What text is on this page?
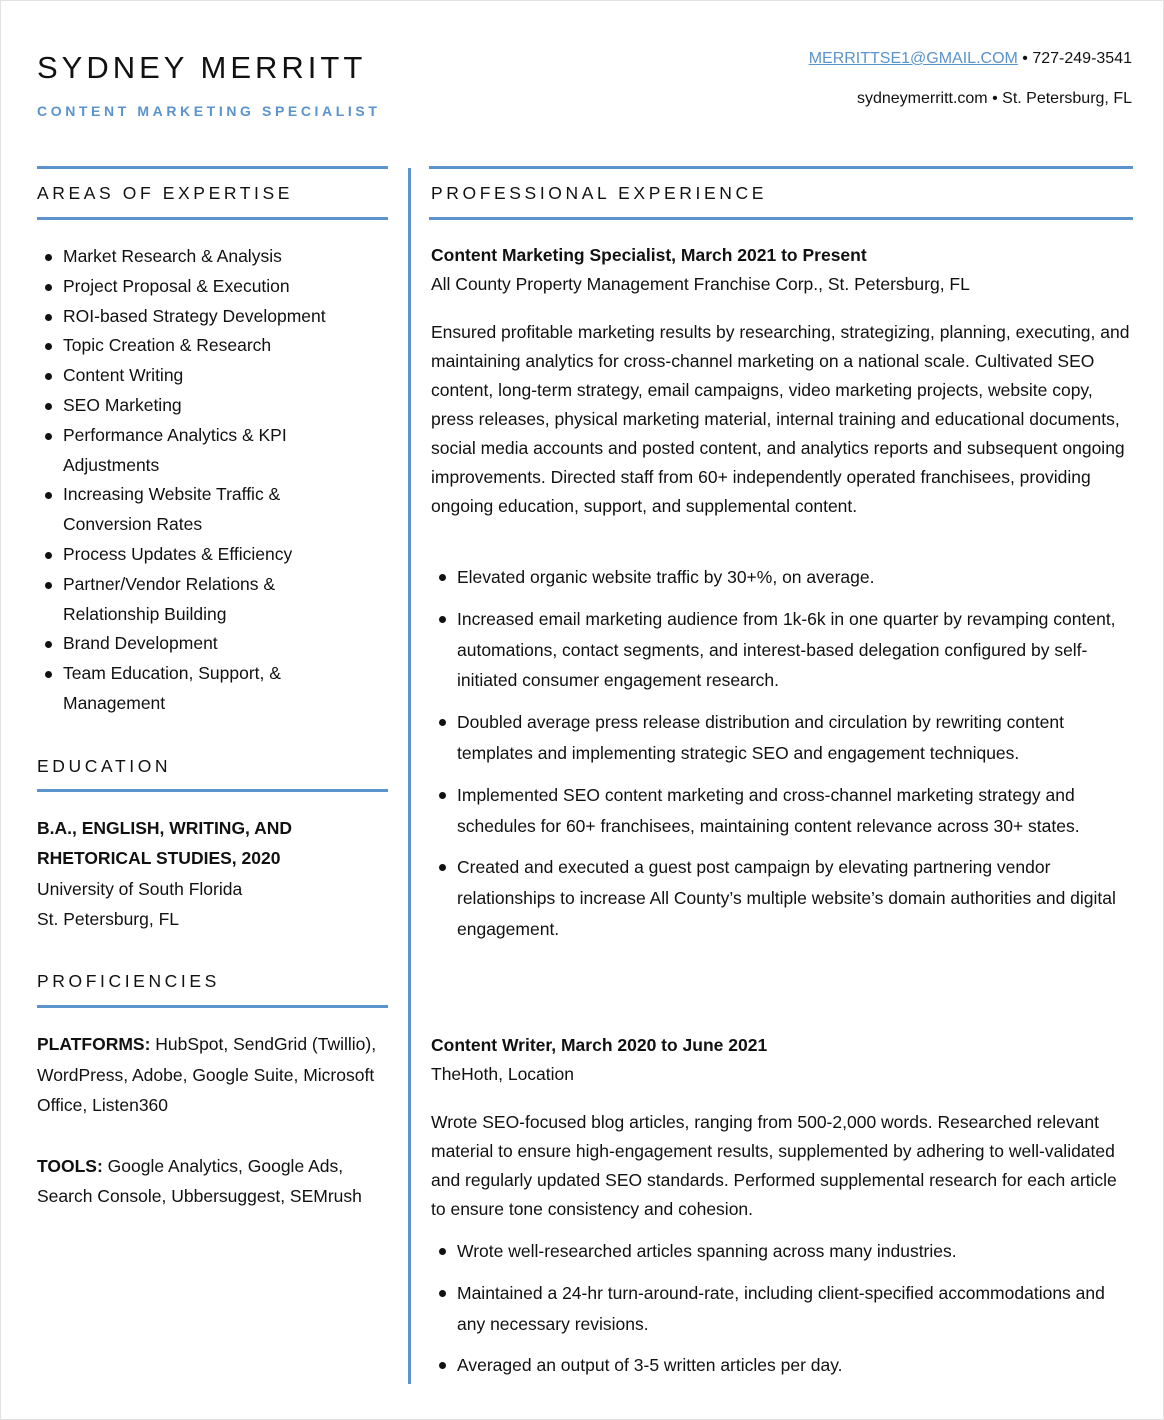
SYDNEY MERRITT
CONTENT MARKETING SPECIALIST
MERRITTSE1@GMAIL.COM • 727-249-3541
sydneymerritt.com • St. Petersburg, FL
AREAS OF EXPERTISE
Market Research & Analysis
Project Proposal & Execution
ROI-based Strategy Development
Topic Creation & Research
Content Writing
SEO Marketing
Performance Analytics & KPI Adjustments
Increasing Website Traffic & Conversion Rates
Process Updates & Efficiency
Partner/Vendor Relations & Relationship Building
Brand Development
Team Education, Support, & Management
EDUCATION
B.A., ENGLISH, WRITING, AND RHETORICAL STUDIES, 2020
University of South Florida
St. Petersburg, FL
PROFICIENCIES
PLATFORMS: HubSpot, SendGrid (Twillio), WordPress, Adobe, Google Suite, Microsoft Office, Listen360
TOOLS: Google Analytics, Google Ads, Search Console, Ubbersuggest, SEMrush
PROFESSIONAL EXPERIENCE
Content Marketing Specialist, March 2021 to Present
All County Property Management Franchise Corp., St. Petersburg, FL

Ensured profitable marketing results by researching, strategizing, planning, executing, and maintaining analytics for cross-channel marketing on a national scale. Cultivated SEO content, long-term strategy, email campaigns, video marketing projects, website copy, press releases, physical marketing material, internal training and educational documents, social media accounts and posted content, and analytics reports and subsequent ongoing improvements. Directed staff from 60+ independently operated franchisees, providing ongoing education, support, and supplemental content.

Elevated organic website traffic by 30+%, on average.
Increased email marketing audience from 1k-6k in one quarter by revamping content, automations, contact segments, and interest-based delegation configured by self-initiated consumer engagement research.
Doubled average press release distribution and circulation by rewriting content templates and implementing strategic SEO and engagement techniques.
Implemented SEO content marketing and cross-channel marketing strategy and schedules for 60+ franchisees, maintaining content relevance across 30+ states.
Created and executed a guest post campaign by elevating partnering vendor relationships to increase All County’s multiple website’s domain authorities and digital engagement.
Content Writer, March 2020 to June 2021
TheHoth, Location

Wrote SEO-focused blog articles, ranging from 500-2,000 words. Researched relevant material to ensure high-engagement results, supplemented by adhering to well-validated and regularly updated SEO standards. Performed supplemental research for each article to ensure tone consistency and cohesion.

Wrote well-researched articles spanning across many industries.
Maintained a 24-hr turn-around-rate, including client-specified accommodations and any necessary revisions.
Averaged an output of 3-5 written articles per day.
